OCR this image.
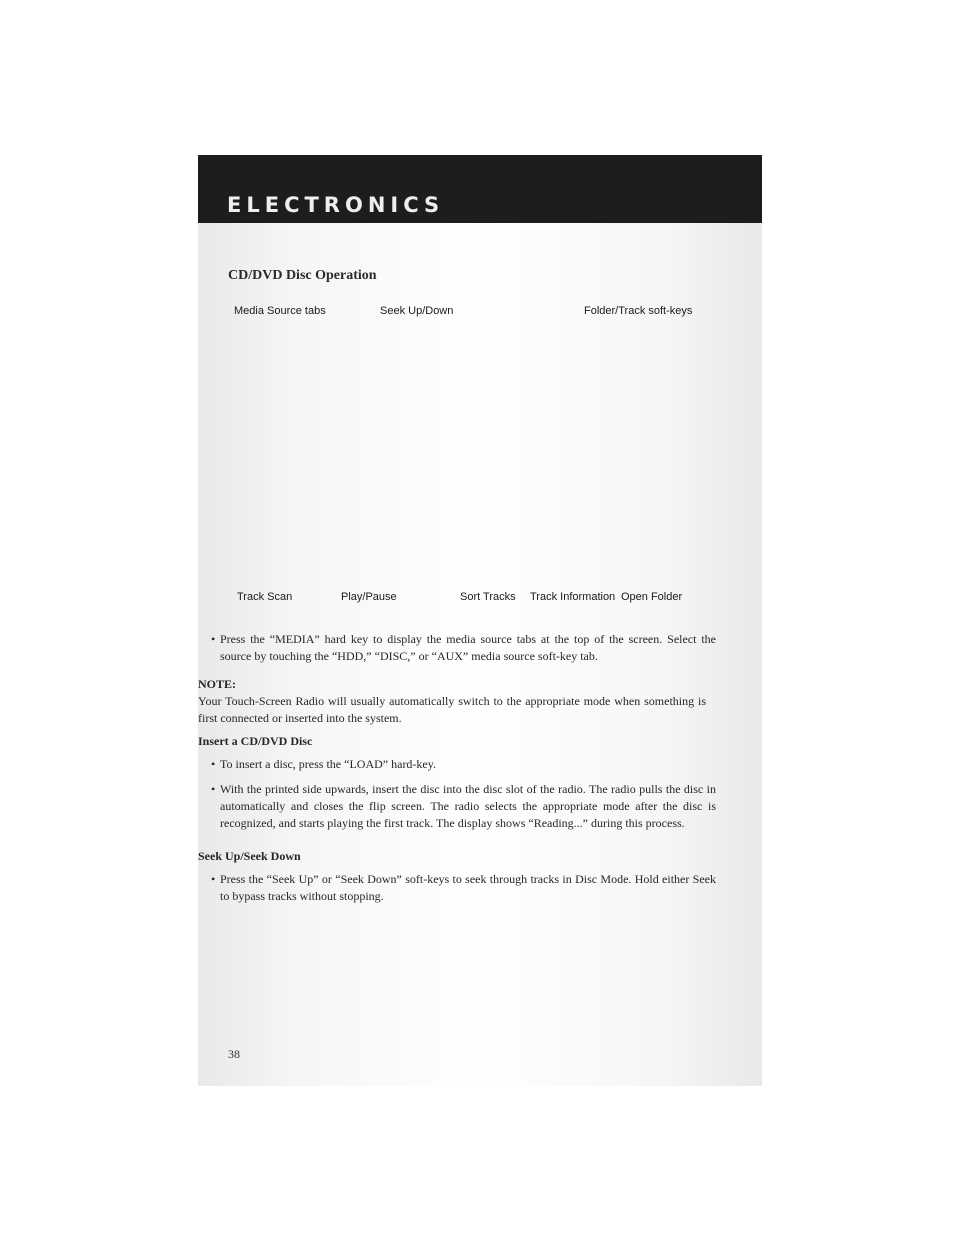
ELECTRONICS
CD/DVD Disc Operation
Media Source tabs	Seek Up/Down	Folder/Track soft-keys
Track Scan	Play/Pause	Sort Tracks Track Information Open Folder
• Press the “MEDIA” hard key to display the media source tabs at the top of the screen. Select the source by touching the “HDD,” “DISC,” or “AUX” media source soft-key tab.
NOTE:
Your Touch-Screen Radio will usually automatically switch to the appropriate mode when something is first connected or inserted into the system.
Insert a CD/DVD Disc
• To insert a disc, press the “LOAD” hard-key.
• With the printed side upwards, insert the disc into the disc slot of the radio. The radio pulls the disc in automatically and closes the flip screen. The radio selects the appropriate mode after the disc is recognized, and starts playing the first track. The display shows “Reading...” during this process.
Seek Up/Seek Down
• Press the “Seek Up” or “Seek Down” soft-keys to seek through tracks in Disc Mode. Hold either Seek to bypass tracks without stopping.
38
